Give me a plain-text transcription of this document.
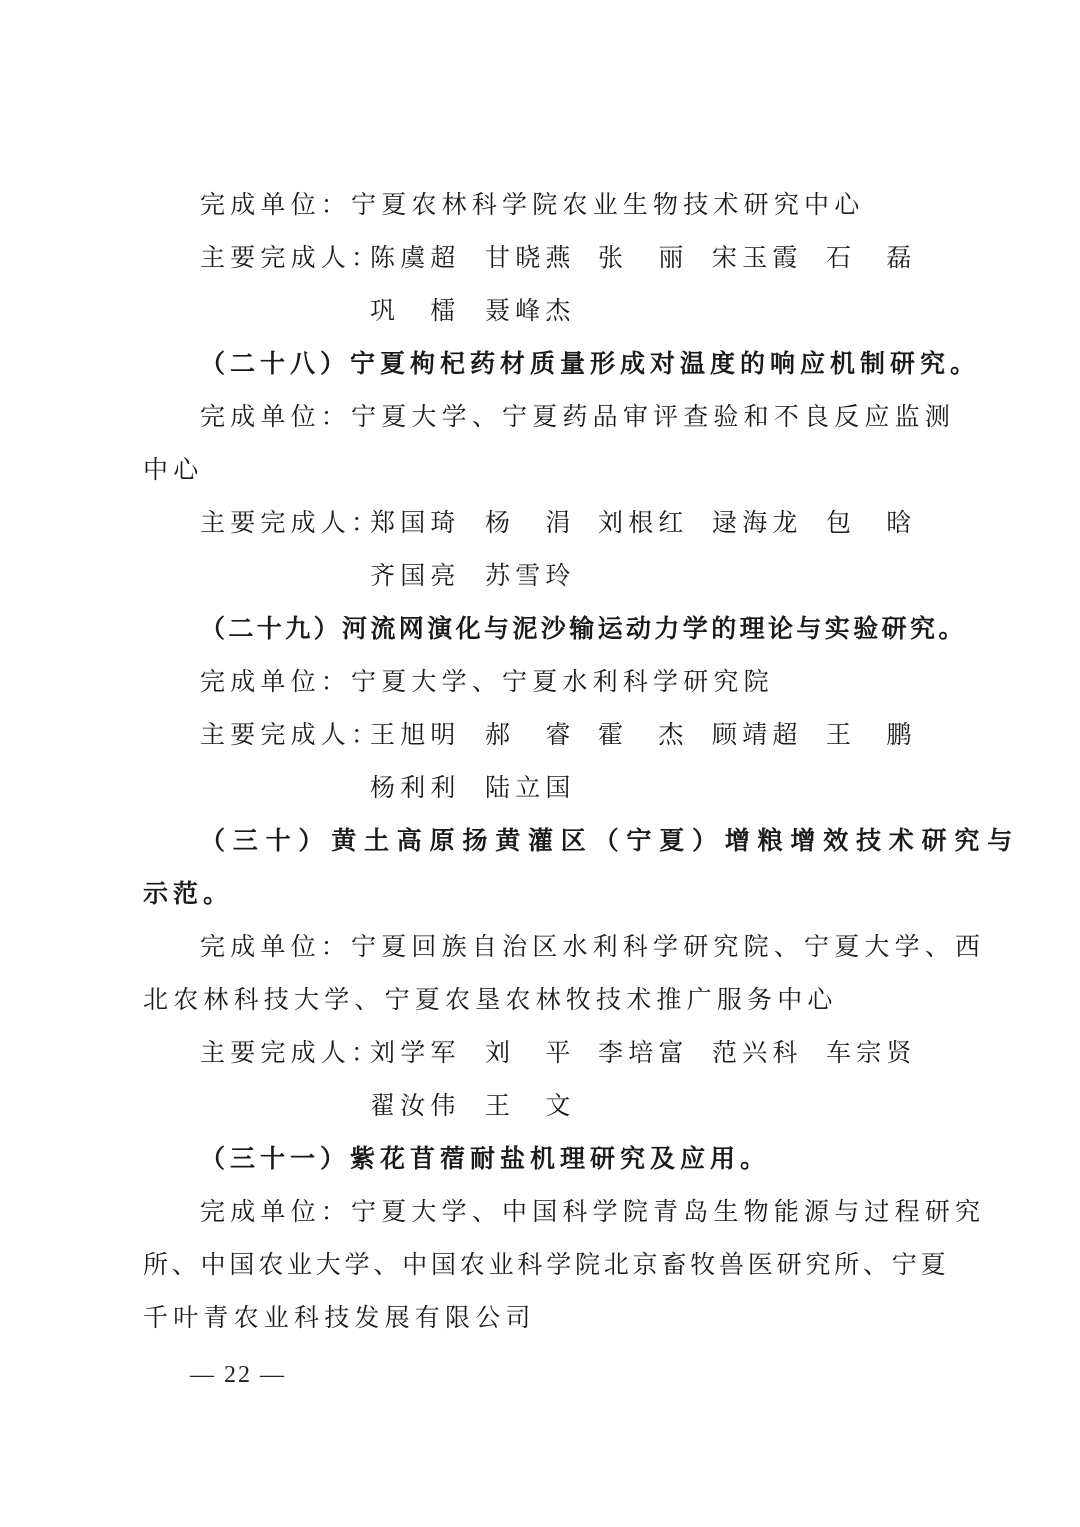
完成单位：宁夏农林科学院农业生物技术研究中心
主要完成人：
陈虞超 甘晓燕 张　丽 宋玉霞 石　磊
巩　檑 聂峰杰
（二十八）宁夏枸杞药材质量形成对温度的响应机制研究。
完成单位：宁夏大学、宁夏药品审评查验和不良反应监测
中心
主要完成人：
郑国琦 杨　涓 刘根红 逯海龙 包　晗
齐国亮 苏雪玲
（二十九）河流网演化与泥沙输运动力学的理论与实验研究。
完成单位：宁夏大学、宁夏水利科学研究院
主要完成人：
王旭明 郝　睿 霍　杰 顾靖超 王　鹏
杨利利 陆立国
（三十）黄土高原扬黄灌区（宁夏）增粮增效技术研究与
示范。
完成单位：宁夏回族自治区水利科学研究院、宁夏大学、西
北农林科技大学、宁夏农垦农林牧技术推广服务中心
主要完成人：
刘学军 刘　平 李培富 范兴科 车宗贤
翟汝伟 王　文
（三十一）紫花苜蓿耐盐机理研究及应用。
完成单位：宁夏大学、中国科学院青岛生物能源与过程研究
所、中国农业大学、中国农业科学院北京畜牧兽医研究所、宁夏
千叶青农业科技发展有限公司
— 22 —
